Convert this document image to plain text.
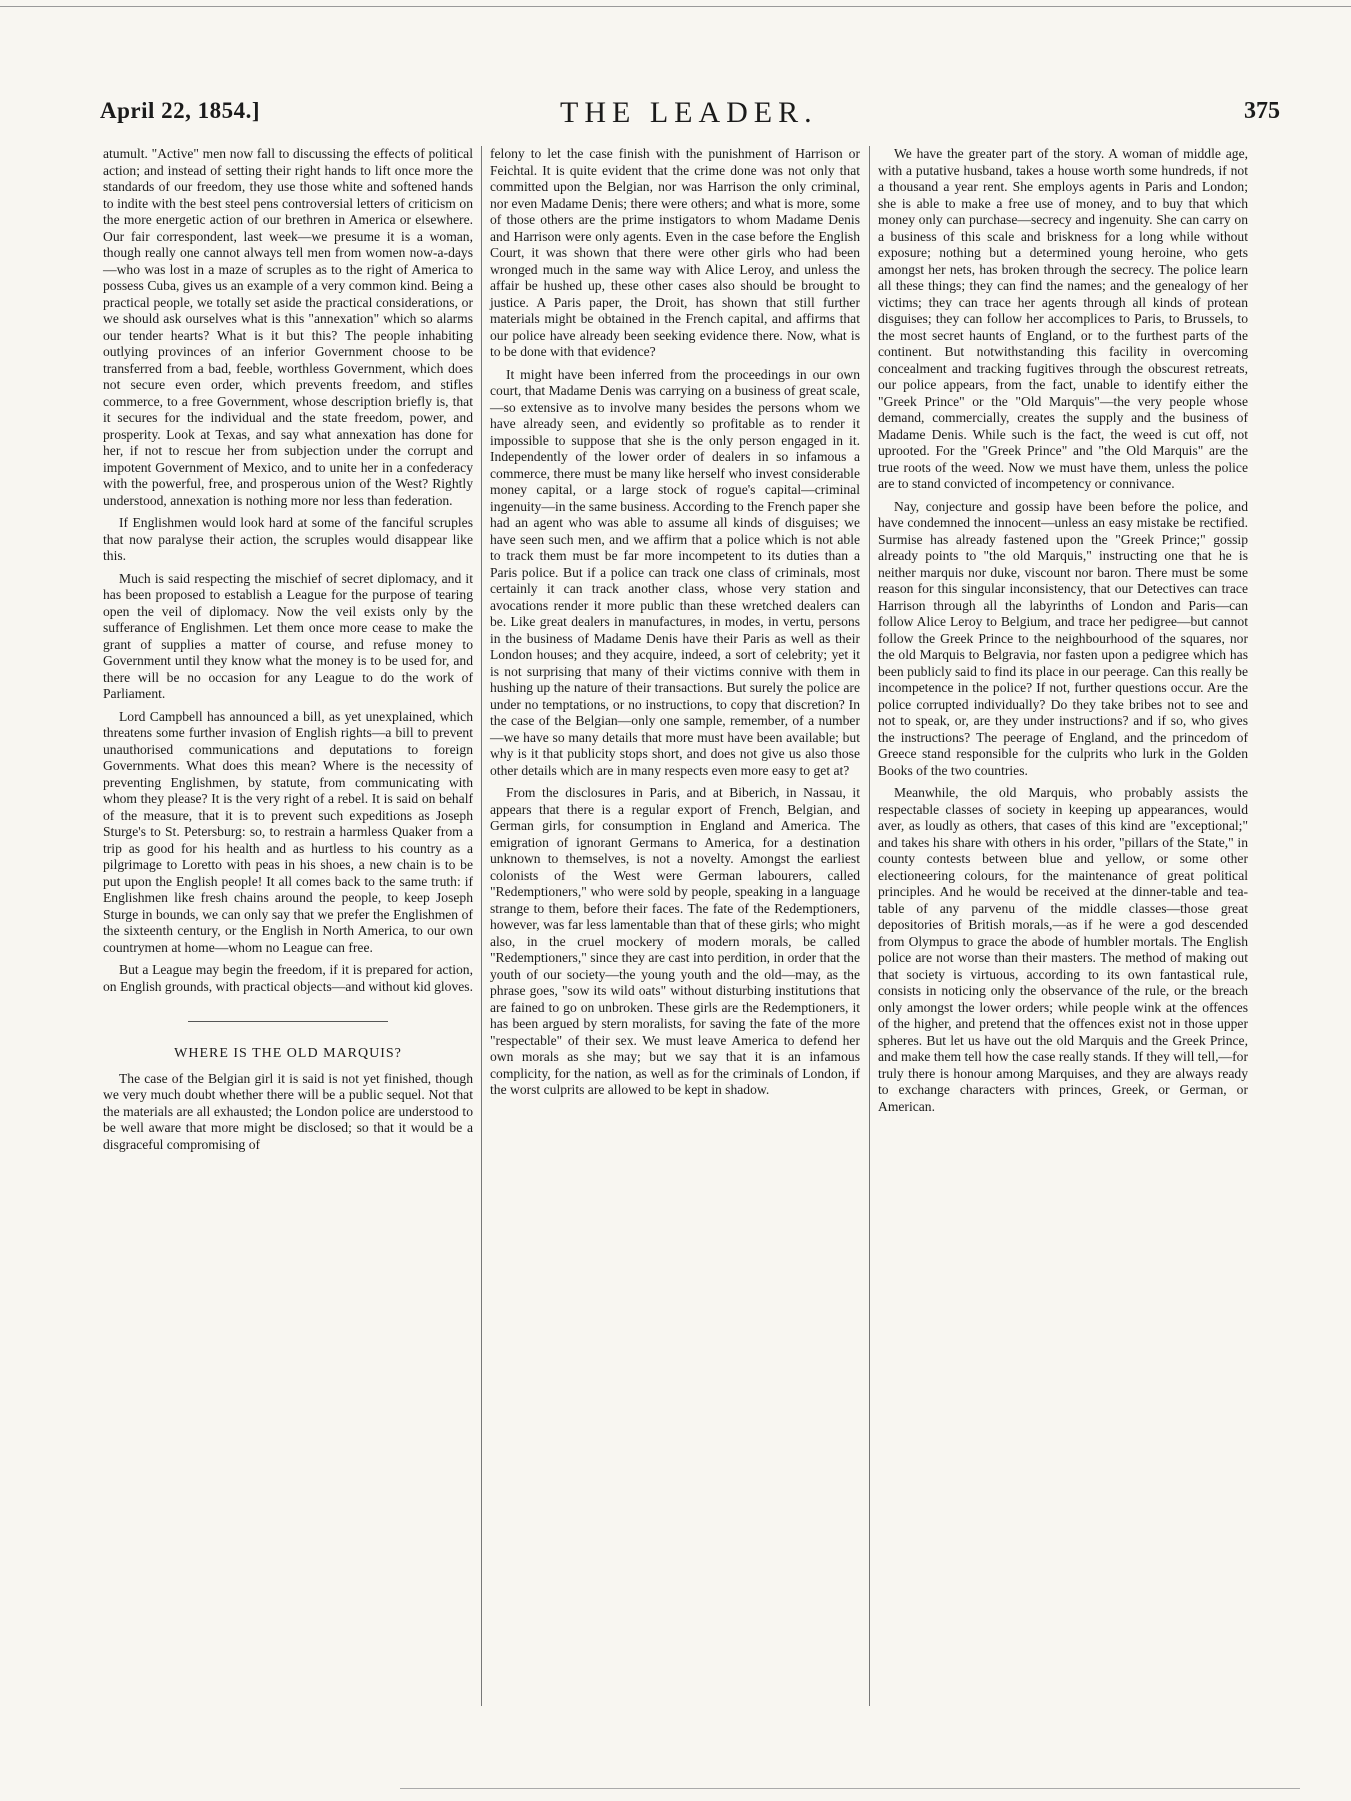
April 22, 1854.]	THE LEADER.	375

atumult. "Active" men now fall to discussing the effects of political action; and instead of setting their right hands to lift once more the standards of our freedom, they use those white and softened hands to indite with the best steel pens controversial letters of criticism on the more energetic action of our brethren in America or elsewhere. Our fair correspondent, last week—we presume it is a woman, though really one cannot always tell men from women now-a-days—who was lost in a maze of scruples as to the right of America to possess Cuba, gives us an example of a very common kind. Being a practical people, we totally set aside the practical considerations, or we should ask ourselves what is this "annexation" which so alarms our tender hearts? What is it but this? The people inhabiting outlying provinces of an inferior Government choose to be transferred from a bad, feeble, worthless Government, which does not secure even order, which prevents freedom, and stifles commerce, to a free Government, whose description briefly is, that it secures for the individual and the state freedom, power, and prosperity. Look at Texas, and say what annexation has done for her, if not to rescue her from subjection under the corrupt and impotent Government of Mexico, and to unite her in a confederacy with the powerful, free, and prosperous union of the West? Rightly understood, annexation is nothing more nor less than federation.

If Englishmen would look hard at some of the fanciful scruples that now paralyse their action, the scruples would disappear like this.

Much is said respecting the mischief of secret diplomacy, and it has been proposed to establish a League for the purpose of tearing open the veil of diplomacy. Now the veil exists only by the sufferance of Englishmen. Let them once more cease to make the grant of supplies a matter of course, and refuse money to Government until they know what the money is to be used for, and there will be no occasion for any League to do the work of Parliament.

Lord Campbell has announced a bill, as yet unexplained, which threatens some further invasion of English rights—a bill to prevent unauthorised communications and deputations to foreign Governments. What does this mean? Where is the necessity of preventing Englishmen, by statute, from communicating with whom they please? It is the very right of a rebel. It is said on behalf of the measure, that it is to prevent such expeditions as Joseph Sturge's to St. Petersburg: so, to restrain a harmless Quaker from a trip as good for his health and as hurtless to his country as a pilgrimage to Loretto with peas in his shoes, a new chain is to be put upon the English people! It all comes back to the same truth: if Englishmen like fresh chains around the people, to keep Joseph Sturge in bounds, we can only say that we prefer the Englishmen of the sixteenth century, or the English in North America, to our own countrymen at home—whom no League can free.

But a League may begin the freedom, if it is prepared for action, on English grounds, with practical objects—and without kid gloves.

WHERE IS THE OLD MARQUIS?

The case of the Belgian girl it is said is not yet finished, though we very much doubt whether there will be a public sequel. Not that the materials are all exhausted; the London police are understood to be well aware that more might be disclosed; so that it would be a disgraceful compromising of

felony to let the case finish with the punishment of Harrison or Feichtal. It is quite evident that the crime done was not only that committed upon the Belgian, nor was Harrison the only criminal, nor even Madame Denis; there were others; and what is more, some of those others are the prime instigators to whom Madame Denis and Harrison were only agents. Even in the case before the English Court, it was shown that there were other girls who had been wronged much in the same way with Alice Leroy, and unless the affair be hushed up, these other cases also should be brought to justice. A Paris paper, the Droit, has shown that still further materials might be obtained in the French capital, and affirms that our police have already been seeking evidence there. Now, what is to be done with that evidence?

It might have been inferred from the proceedings in our own court, that Madame Denis was carrying on a business of great scale,—so extensive as to involve many besides the persons whom we have already seen, and evidently so profitable as to render it impossible to suppose that she is the only person engaged in it. Independently of the lower order of dealers in so infamous a commerce, there must be many like herself who invest considerable money capital, or a large stock of rogue's capital—criminal ingenuity—in the same business. According to the French paper she had an agent who was able to assume all kinds of disguises; we have seen such men, and we affirm that a police which is not able to track them must be far more incompetent to its duties than a Paris police. But if a police can track one class of criminals, most certainly it can track another class, whose very station and avocations render it more public than these wretched dealers can be. Like great dealers in manufactures, in modes, in vertu, persons in the business of Madame Denis have their Paris as well as their London houses; and they acquire, indeed, a sort of celebrity; yet it is not surprising that many of their victims connive with them in hushing up the nature of their transactions. But surely the police are under no temptations, or no instructions, to copy that discretion? In the case of the Belgian—only one sample, remember, of a number—we have so many details that more must have been available; but why is it that publicity stops short, and does not give us also those other details which are in many respects even more easy to get at?

From the disclosures in Paris, and at Biberich, in Nassau, it appears that there is a regular export of French, Belgian, and German girls, for consumption in England and America. The emigration of ignorant Germans to America, for a destination unknown to themselves, is not a novelty. Amongst the earliest colonists of the West were German labourers, called "Redemptioners," who were sold by people, speaking in a language strange to them, before their faces. The fate of the Redemptioners, however, was far less lamentable than that of these girls; who might also, in the cruel mockery of modern morals, be called "Redemptioners," since they are cast into perdition, in order that the youth of our society—the young youth and the old—may, as the phrase goes, "sow its wild oats" without disturbing institutions that are fained to go on unbroken. These girls are the Redemptioners, it has been argued by stern moralists, for saving the fate of the more "respectable" of their sex. We must leave America to defend her own morals as she may; but we say that it is an infamous complicity, for the nation, as well as for the criminals of London, if the worst culprits are allowed to be kept in shadow.

We have the greater part of the story. A woman of middle age, with a putative husband, takes a house worth some hundreds, if not a thousand a year rent. She employs agents in Paris and London; she is able to make a free use of money, and to buy that which money only can purchase—secrecy and ingenuity. She can carry on a business of this scale and briskness for a long while without exposure; nothing but a determined young heroine, who gets amongst her nets, has broken through the secrecy. The police learn all these things; they can find the names; and the genealogy of her victims; they can trace her agents through all kinds of protean disguises; they can follow her accomplices to Paris, to Brussels, to the most secret haunts of England, or to the furthest parts of the continent. But notwithstanding this facility in overcoming concealment and tracking fugitives through the obscurest retreats, our police appears, from the fact, unable to identify either the "Greek Prince" or the "Old Marquis"—the very people whose demand, commercially, creates the supply and the business of Madame Denis. While such is the fact, the weed is cut off, not uprooted. For the "Greek Prince" and "the Old Marquis" are the true roots of the weed. Now we must have them, unless the police are to stand convicted of incompetency or connivance.

Nay, conjecture and gossip have been before the police, and have condemned the innocent—unless an easy mistake be rectified. Surmise has already fastened upon the "Greek Prince;" gossip already points to "the old Marquis," instructing one that he is neither marquis nor duke, viscount nor baron. There must be some reason for this singular inconsistency, that our Detectives can trace Harrison through all the labyrinths of London and Paris—can follow Alice Leroy to Belgium, and trace her pedigree—but cannot follow the Greek Prince to the neighbourhood of the squares, nor the old Marquis to Belgravia, nor fasten upon a pedigree which has been publicly said to find its place in our peerage. Can this really be incompetence in the police? If not, further questions occur. Are the police corrupted individually? Do they take bribes not to see and not to speak, or, are they under instructions? and if so, who gives the instructions? The peerage of England, and the princedom of Greece stand responsible for the culprits who lurk in the Golden Books of the two countries.

Meanwhile, the old Marquis, who probably assists the respectable classes of society in keeping up appearances, would aver, as loudly as others, that cases of this kind are "exceptional;" and takes his share with others in his order, "pillars of the State," in county contests between blue and yellow, or some other electioneering colours, for the maintenance of great political principles. And he would be received at the dinner-table and tea-table of any parvenu of the middle classes—those great depositories of British morals,—as if he were a god descended from Olympus to grace the abode of humbler mortals. The English police are not worse than their masters. The method of making out that society is virtuous, according to its own fantastical rule, consists in noticing only the observance of the rule, or the breach only amongst the lower orders; while people wink at the offences of the higher, and pretend that the offences exist not in those upper spheres. But let us have out the old Marquis and the Greek Prince, and make them tell how the case really stands. If they will tell,—for truly there is honour among Marquises, and they are always ready to exchange characters with princes, Greek, or German, or American.
